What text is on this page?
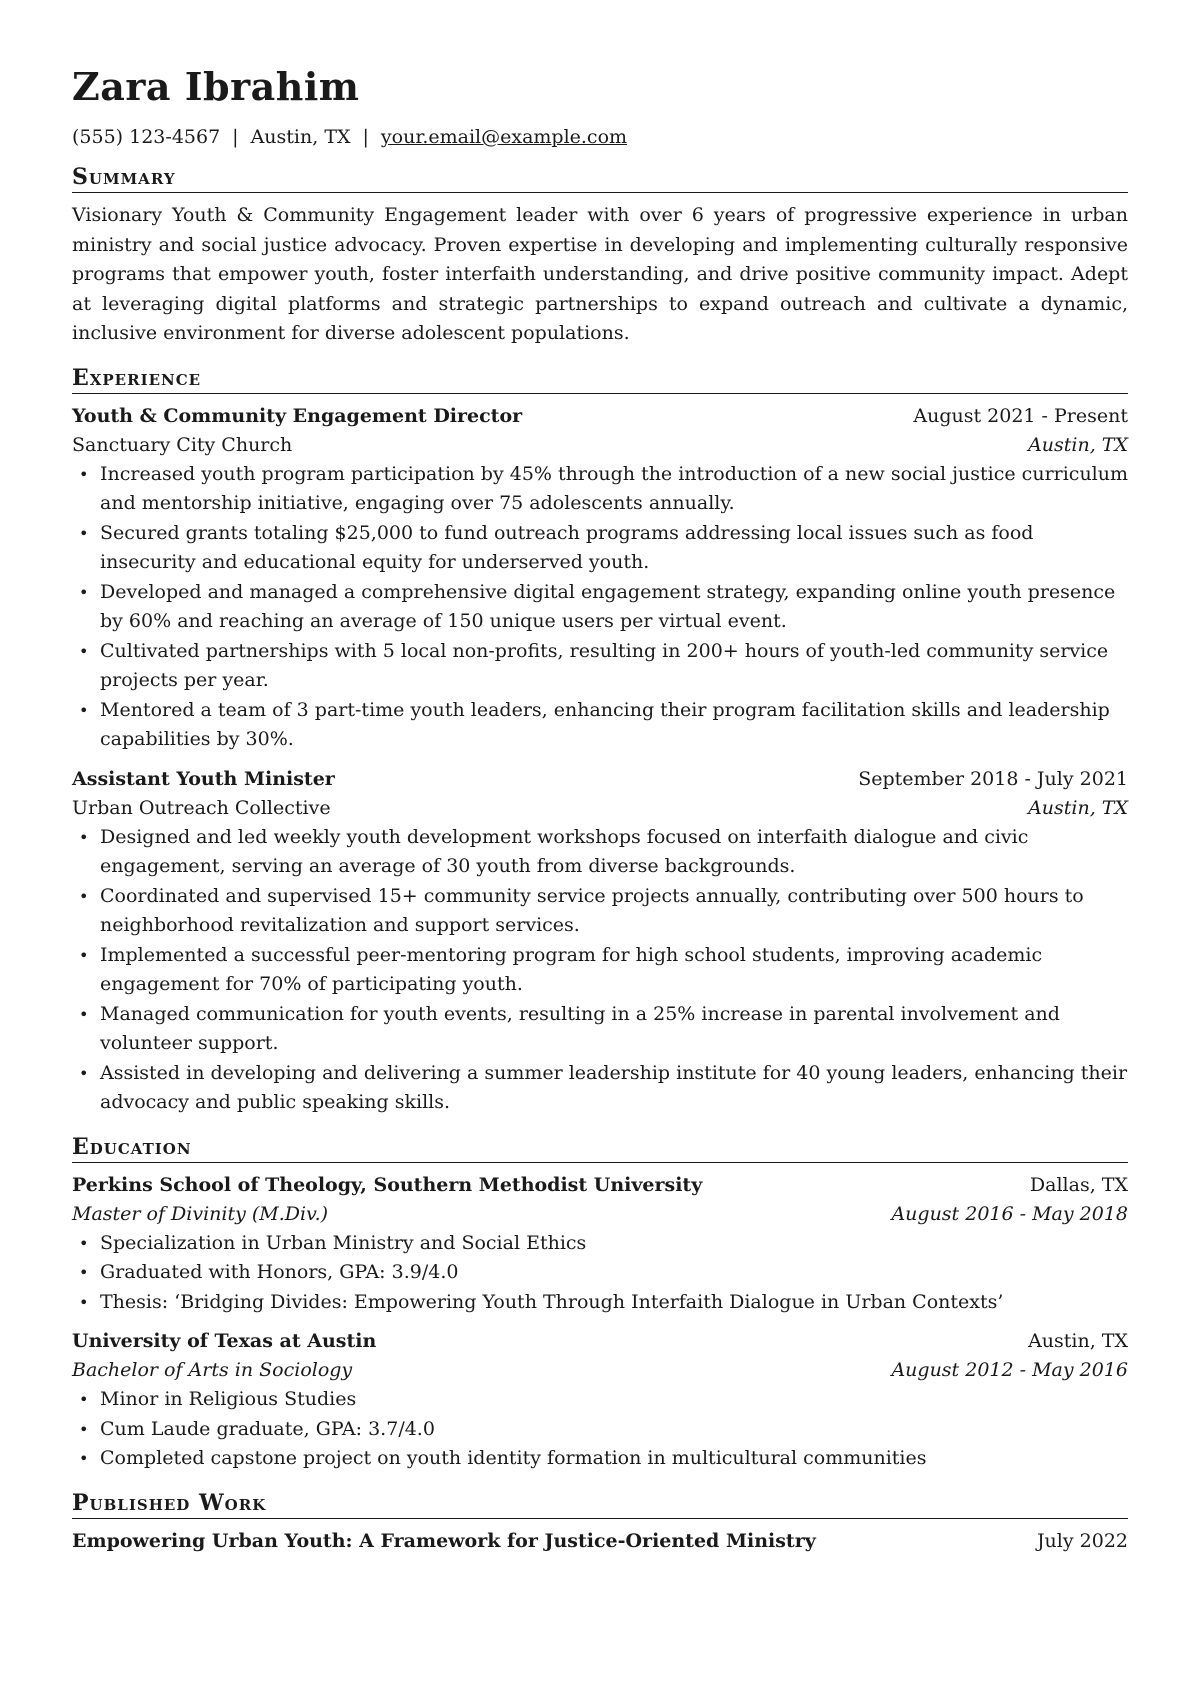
Zara Ibrahim
(555) 123-4567 | Austin, TX | your.email@example.com
Summary
Visionary Youth & Community Engagement leader with over 6 years of progressive experience in urban ministry and social justice advocacy. Proven expertise in developing and implementing culturally responsive programs that empower youth, foster interfaith understanding, and drive positive community impact. Adept at leveraging digital platforms and strategic partnerships to expand outreach and cultivate a dynamic, inclusive environment for diverse adolescent populations.
Experience
Youth & Community Engagement Director	August 2021 - Present
Sanctuary City Church	Austin, TX
• Increased youth program participation by 45% through the introduction of a new social justice curriculum and mentorship initiative, engaging over 75 adolescents annually.
• Secured grants totaling $25,000 to fund outreach programs addressing local issues such as food insecurity and educational equity for underserved youth.
• Developed and managed a comprehensive digital engagement strategy, expanding online youth presence by 60% and reaching an average of 150 unique users per virtual event.
• Cultivated partnerships with 5 local non-profits, resulting in 200+ hours of youth-led community service projects per year.
• Mentored a team of 3 part-time youth leaders, enhancing their program facilitation skills and leadership capabilities by 30%.
Assistant Youth Minister	September 2018 - July 2021
Urban Outreach Collective	Austin, TX
• Designed and led weekly youth development workshops focused on interfaith dialogue and civic engagement, serving an average of 30 youth from diverse backgrounds.
• Coordinated and supervised 15+ community service projects annually, contributing over 500 hours to neighborhood revitalization and support services.
• Implemented a successful peer-mentoring program for high school students, improving academic engagement for 70% of participating youth.
• Managed communication for youth events, resulting in a 25% increase in parental involvement and volunteer support.
• Assisted in developing and delivering a summer leadership institute for 40 young leaders, enhancing their advocacy and public speaking skills.
Education
Perkins School of Theology, Southern Methodist University	Dallas, TX
Master of Divinity (M.Div.)	August 2016 - May 2018
• Specialization in Urban Ministry and Social Ethics
• Graduated with Honors, GPA: 3.9/4.0
• Thesis: ‘Bridging Divides: Empowering Youth Through Interfaith Dialogue in Urban Contexts’
University of Texas at Austin	Austin, TX
Bachelor of Arts in Sociology	August 2012 - May 2016
• Minor in Religious Studies
• Cum Laude graduate, GPA: 3.7/4.0
• Completed capstone project on youth identity formation in multicultural communities
Published Work
Empowering Urban Youth: A Framework for Justice-Oriented Ministry	July 2022
